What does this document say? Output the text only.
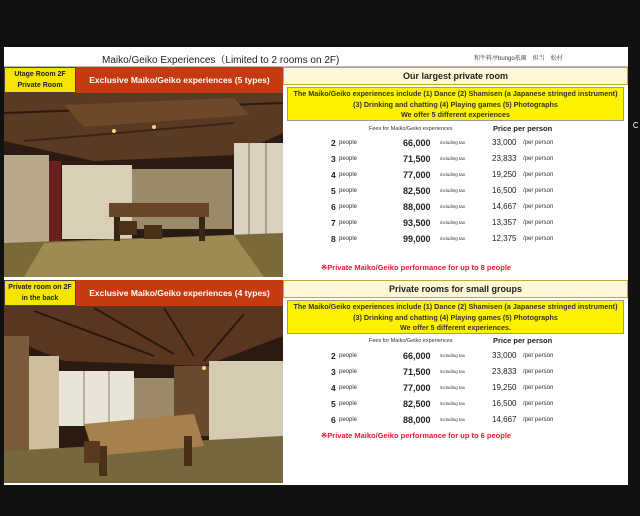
Maiko/Geiko Experiences（Limited to 2 rooms on 2F)	和牛料亭bungo祇園　担当　松村
Utage Room 2F
Private Room
Exclusive Maiko/Geiko experiences (5 types)	Our largest private room
The Maiko/Geiko experiences include (1) Dance (2) Shamisen (a Japanese stringed instrument)
(3) Drinking and chatting (4) Playing games (5) Photographs
We offer 5 different experiences
Fees for Maiko/Geiko experiences	Price per person
2 people	66,000 including tax	33,000 /per person
3 people	71,500 including tax	23,833 /per person
4 people	77,000 including tax	19,250 /per person
5 people	82,500 including tax	16,500 /per person
6 people	88,000 including tax	14,667 /per person
7 people	93,500 including tax	13,357 /per person
8 people	99,000 including tax	12,375 /per person
※Private Maiko/Geiko performance for up to 8 people
Private room on 2F
in the back
Exclusive Maiko/Geiko experiences (4 types)	Private rooms for small groups
The Maiko/Geiko experiences include (1) Dance (2) Shamisen (a Japanese stringed instrument)
(3) Drinking and chatting (4) Playing games (5) Photographs
We offer 5 different experiences.
Fees for Maiko/Geiko experiences	Price per person
2 people	66,000 including tax	33,000 /per person
3 people	71,500 including tax	23,833 /per person
4 people	77,000 including tax	19,250 /per person
5 people	82,500 including tax	16,500 /per person
6 people	88,000 including tax	14,667 /per person
※Private Maiko/Geiko performance for up to 6 people
